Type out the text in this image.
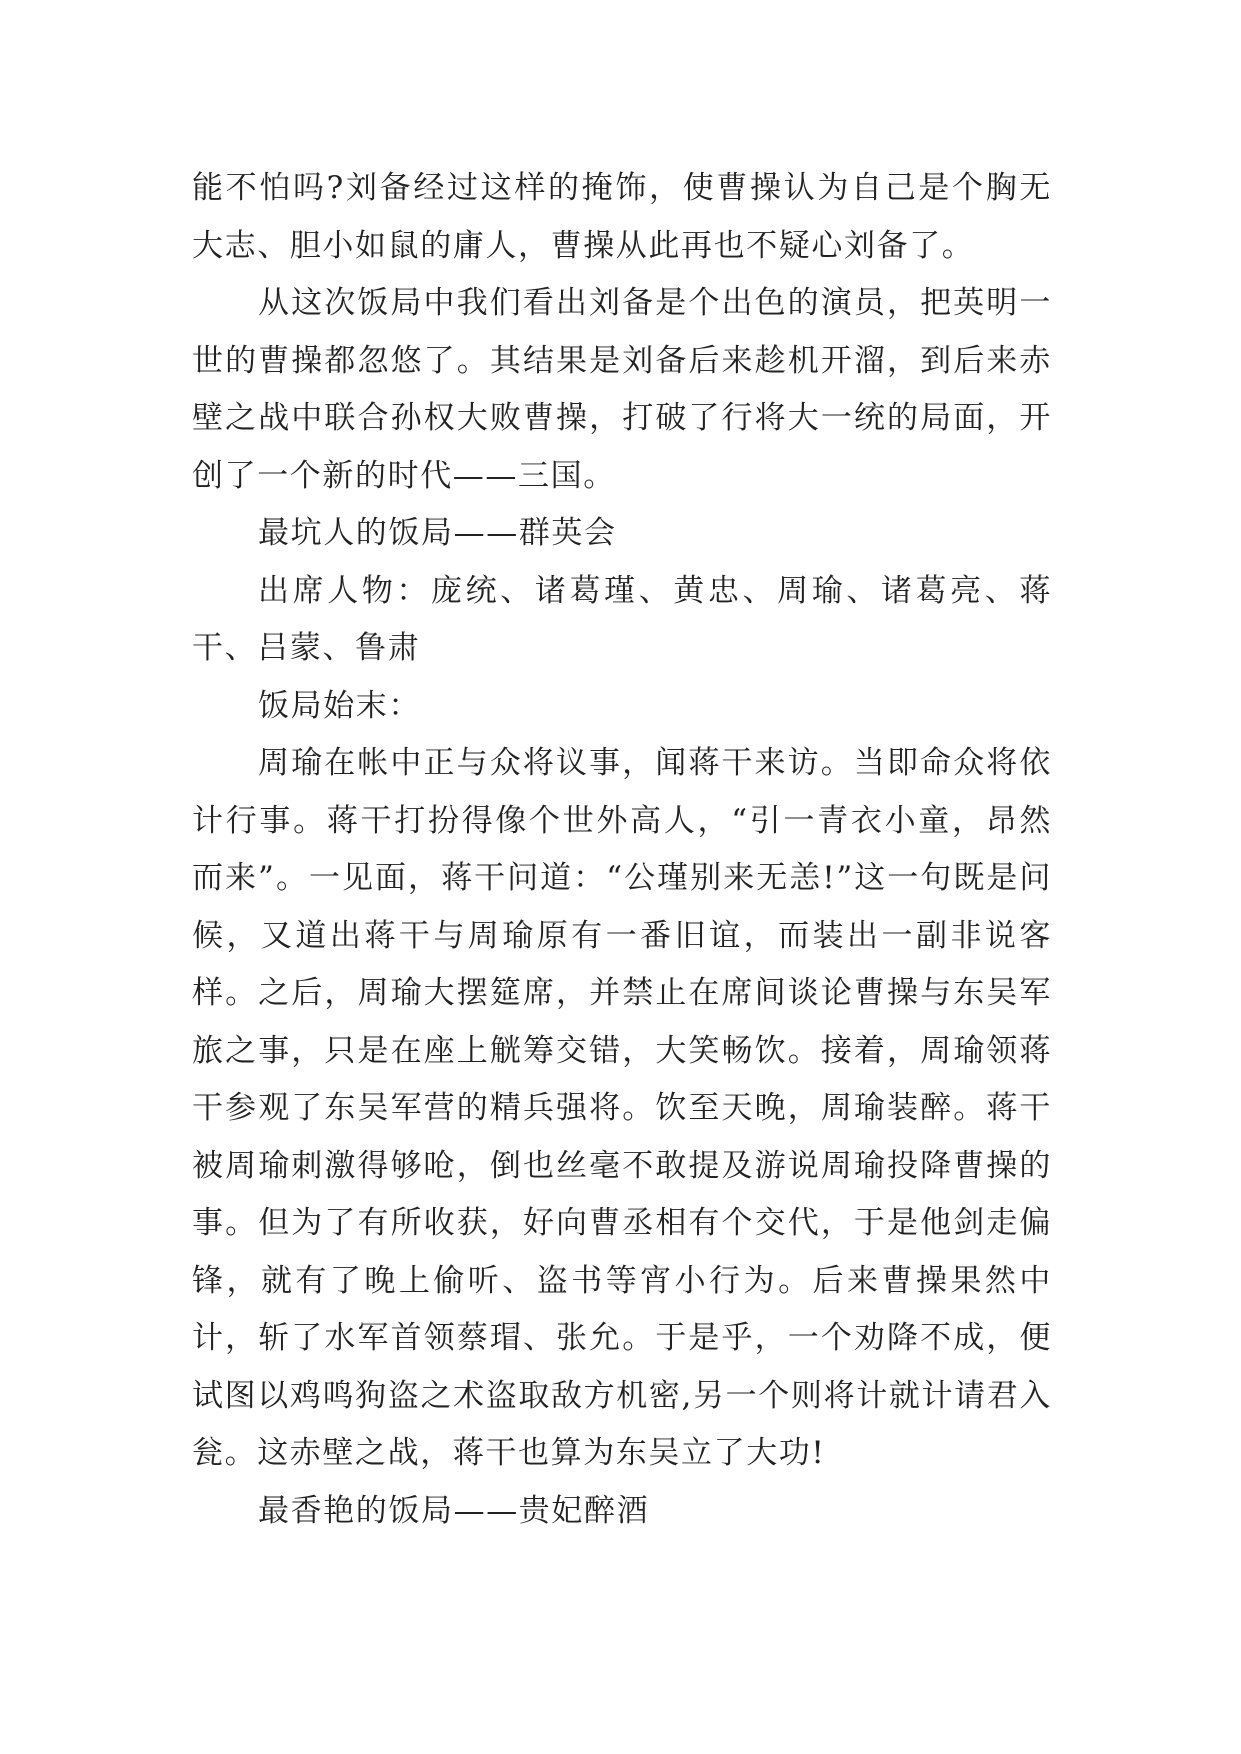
能不怕吗?刘备经过这样的掩饰，使曹操认为自己是个胸无大志、胆小如鼠的庸人，曹操从此再也不疑心刘备了。

从这次饭局中我们看出刘备是个出色的演员，把英明一世的曹操都忽悠了。其结果是刘备后来趁机开溜，到后来赤壁之战中联合孙权大败曹操，打破了行将大一统的局面，开创了一个新的时代——三国。

最坑人的饭局——群英会

出席人物：庞统、诸葛瑾、黄忠、周瑜、诸葛亮、蒋干、吕蒙、鲁肃

饭局始末：

周瑜在帐中正与众将议事，闻蒋干来访。当即命众将依计行事。蒋干打扮得像个世外高人，“引一青衣小童，昂然而来”。一见面，蒋干问道：“公瑾别来无恙!”这一句既是问候，又道出蒋干与周瑜原有一番旧谊，而装出一副非说客样。之后，周瑜大摆筵席，并禁止在席间谈论曹操与东吴军旅之事，只是在座上觥筹交错，大笑畅饮。接着，周瑜领蒋干参观了东吴军营的精兵强将。饮至天晚，周瑜装醉。蒋干被周瑜刺激得够呛，倒也丝毫不敢提及游说周瑜投降曹操的事。但为了有所收获，好向曹丞相有个交代，于是他剑走偏锋，就有了晚上偷听、盗书等宵小行为。后来曹操果然中计，斩了水军首领蔡瑁、张允。于是乎，一个劝降不成，便试图以鸡鸣狗盗之术盗取敌方机密,另一个则将计就计请君入瓮。这赤壁之战，蒋干也算为东吴立了大功!

最香艳的饭局——贵妃醉酒
